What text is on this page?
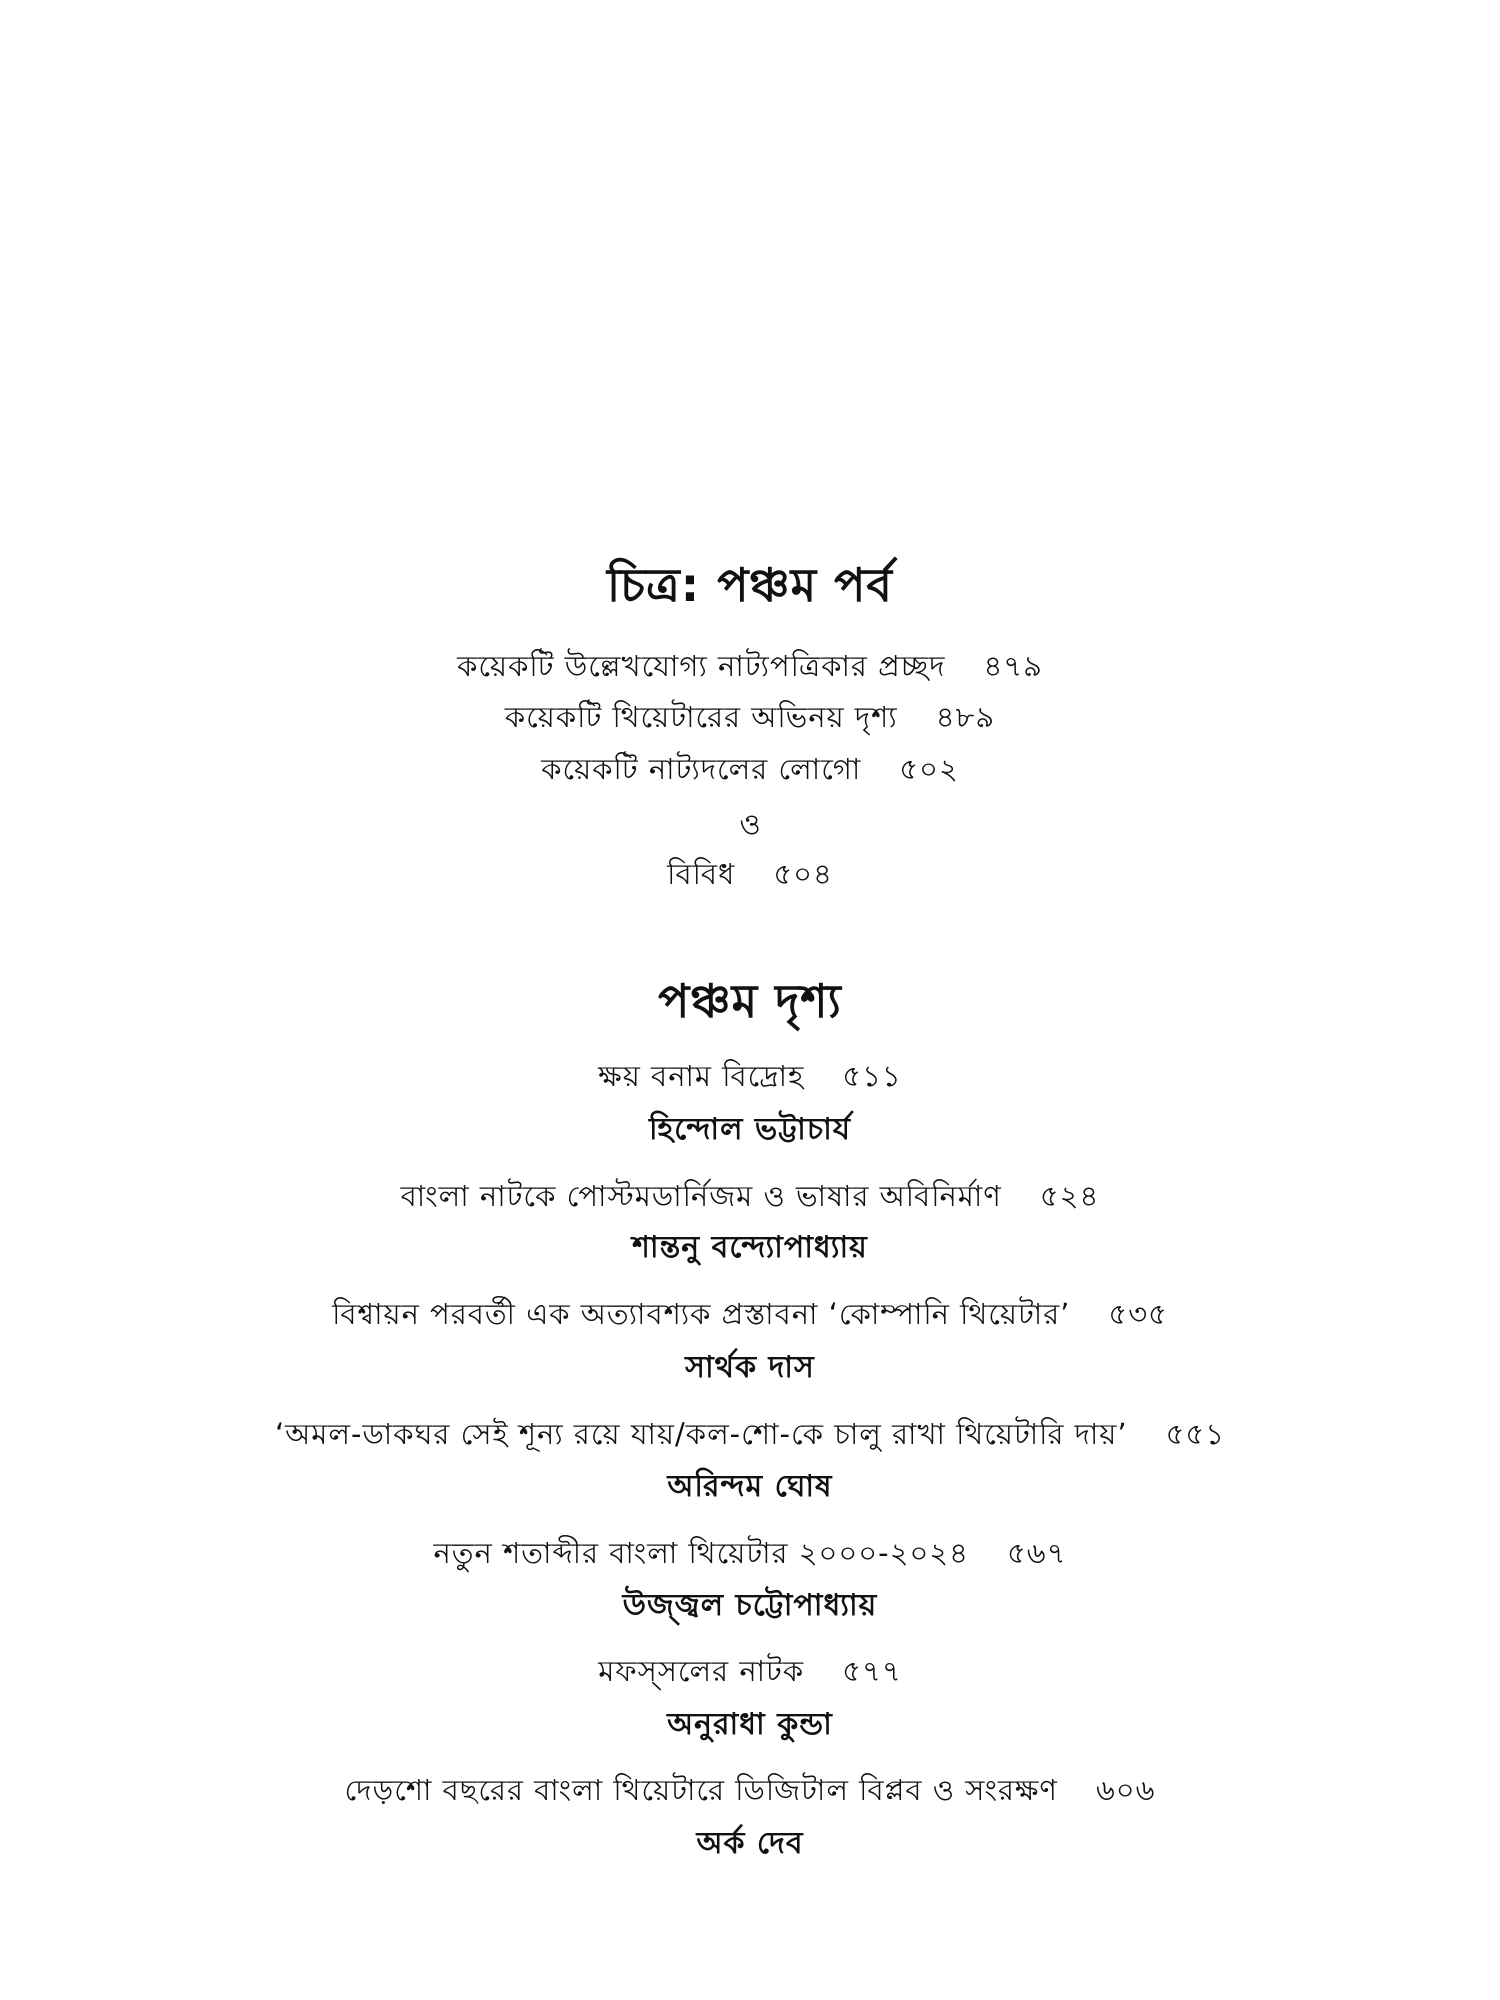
চিত্র: পঞ্চম পর্ব
কয়েকটি উল্লেখযোগ্য নাট্যপত্রিকার প্রচ্ছদ ৪৭৯
কয়েকটি থিয়েটারের অভিনয় দৃশ্য ৪৮৯
কয়েকটি নাট্যদলের লোগো ৫০২
ও
বিবিধ ৫০৪
পঞ্চম দৃশ্য
ক্ষয় বনাম বিদ্রোহ ৫১১
হিন্দোল ভট্টাচার্য
বাংলা নাটকে পোস্টমডার্নিজম ও ভাষার অবিনির্মাণ ৫২৪
শান্তনু বন্দ্যোপাধ্যায়
বিশ্বায়ন পরবর্তী এক অত্যাবশ্যক প্রস্তাবনা ‘কোম্পানি থিয়েটার’ ৫৩৫
সার্থক দাস
‘অমল-ডাকঘর সেই শূন্য রয়ে যায়/কল-শো-কে চালু রাখা থিয়েটারি দায়’ ৫৫১
অরিন্দম ঘোষ
নতুন শতাব্দীর বাংলা থিয়েটার ২০০০-২০২৪ ৫৬৭
উজ্জ্বল চট্টোপাধ্যায়
মফস্‌সলের নাটক ৫৭৭
অনুরাধা কুন্ডা
দেড়শো বছরের বাংলা থিয়েটারে ডিজিটাল বিপ্লব ও সংরক্ষণ ৬০৬
অর্ক দেব
